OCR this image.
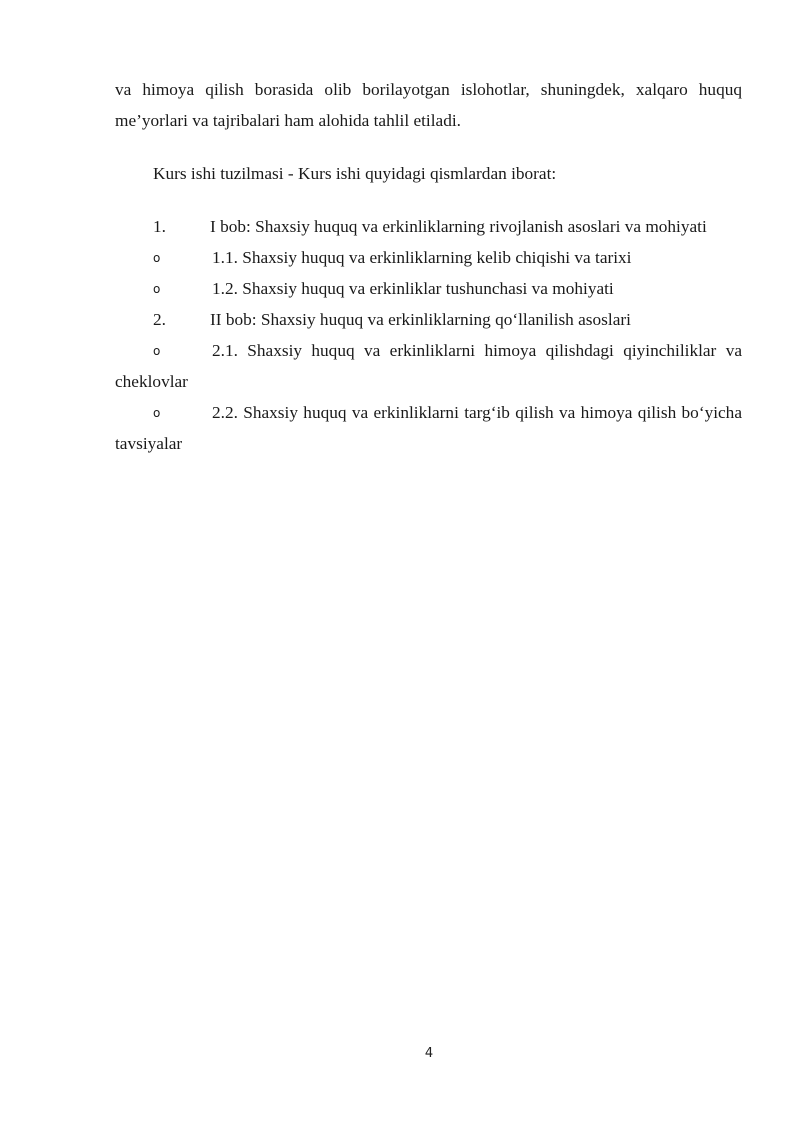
va himoya qilish borasida olib borilayotgan islohotlar, shuningdek, xalqaro huquq me’yorlari va tajribalari ham alohida tahlil etiladi.

Kurs ishi tuzilmasi - Kurs ishi quyidagi qismlardan iborat:

1.	I bob: Shaxsiy huquq va erkinliklarning rivojlanish asoslari va mohiyati

o	1.1. Shaxsiy huquq va erkinliklarning kelib chiqishi va tarixi

o	1.2. Shaxsiy huquq va erkinliklar tushunchasi va mohiyati

2.	II bob: Shaxsiy huquq va erkinliklarning qo‘llanilish asoslari

o	2.1. Shaxsiy huquq va erkinliklarni himoya qilishdagi qiyinchiliklar va cheklovlar

o	2.2. Shaxsiy huquq va erkinliklarni targ‘ib qilish va himoya qilish bo‘yicha tavsiyalar

4
